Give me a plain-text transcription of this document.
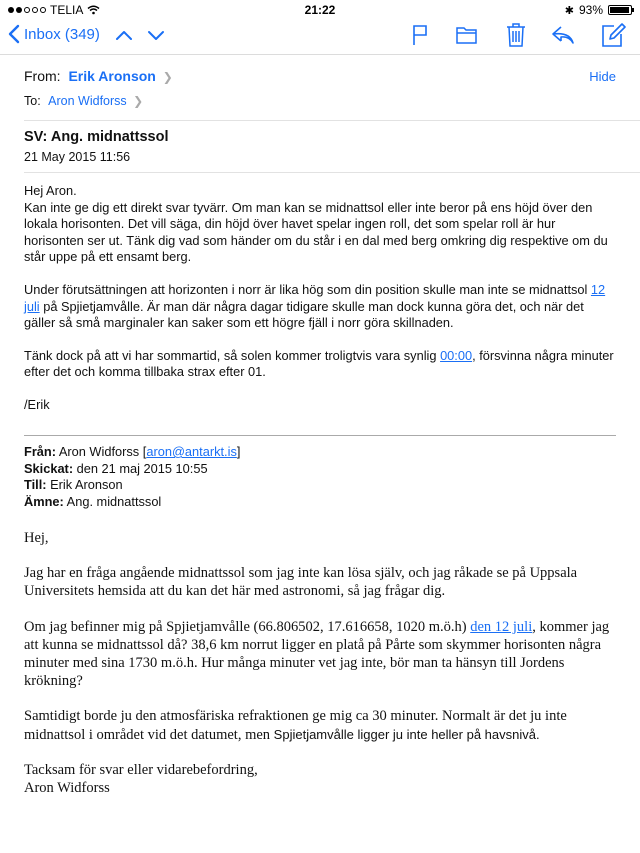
TELIA	21:22	✱ 93%
Inbox (349)
From: Erik Aronson ❯	Hide
To: Aron Widforss ❯
SV: Ang. midnattssol
21 May 2015 11:56

Hej Aron.
Kan inte ge dig ett direkt svar tyvärr. Om man kan se midnattsol eller inte beror på ens höjd över den lokala horisonten. Det vill säga, din höjd över havet spelar ingen roll, det som spelar roll är hur horisonten ser ut. Tänk dig vad som händer om du står i en dal med berg omkring dig respektive om du står uppe på ett ensamt berg.

Under förutsättningen att horizonten i norr är lika hög som din position skulle man inte se midnattsol 12 juli på Spjietjamvålle. Är man där några dagar tidigare skulle man dock kunna göra det, och när det gäller så små marginaler kan saker som ett högre fjäll i norr göra skillnaden.

Tänk dock på att vi har sommartid, så solen kommer troligtvis vara synlig 00:00, försvinna några minuter efter det och komma tillbaka strax efter 01.

/Erik

Från: Aron Widforss [aron@antarkt.is]
Skickat: den 21 maj 2015 10:55
Till: Erik Aronson
Ämne: Ang. midnattssol

Hej,

Jag har en fråga angående midnattssol som jag inte kan lösa själv, och jag råkade se på Uppsala Universitets hemsida att du kan det här med astronomi, så jag frågar dig.

Om jag befinner mig på Spjietjamvålle (66.806502, 17.616658, 1020 m.ö.h) den 12 juli, kommer jag att kunna se midnattssol då? 38,6 km norrut ligger en platå på Pårte som skymmer horisonten några minuter med sina 1730 m.ö.h. Hur många minuter vet jag inte, bör man ta hänsyn till Jordens krökning?

Samtidigt borde ju den atmosfäriska refraktionen ge mig ca 30 minuter. Normalt är det ju inte midnattsol i området vid det datumet, men Spjietjamvålle ligger ju inte heller på havsnivå.

Tacksam för svar eller vidarebefordring,
Aron Widforss
